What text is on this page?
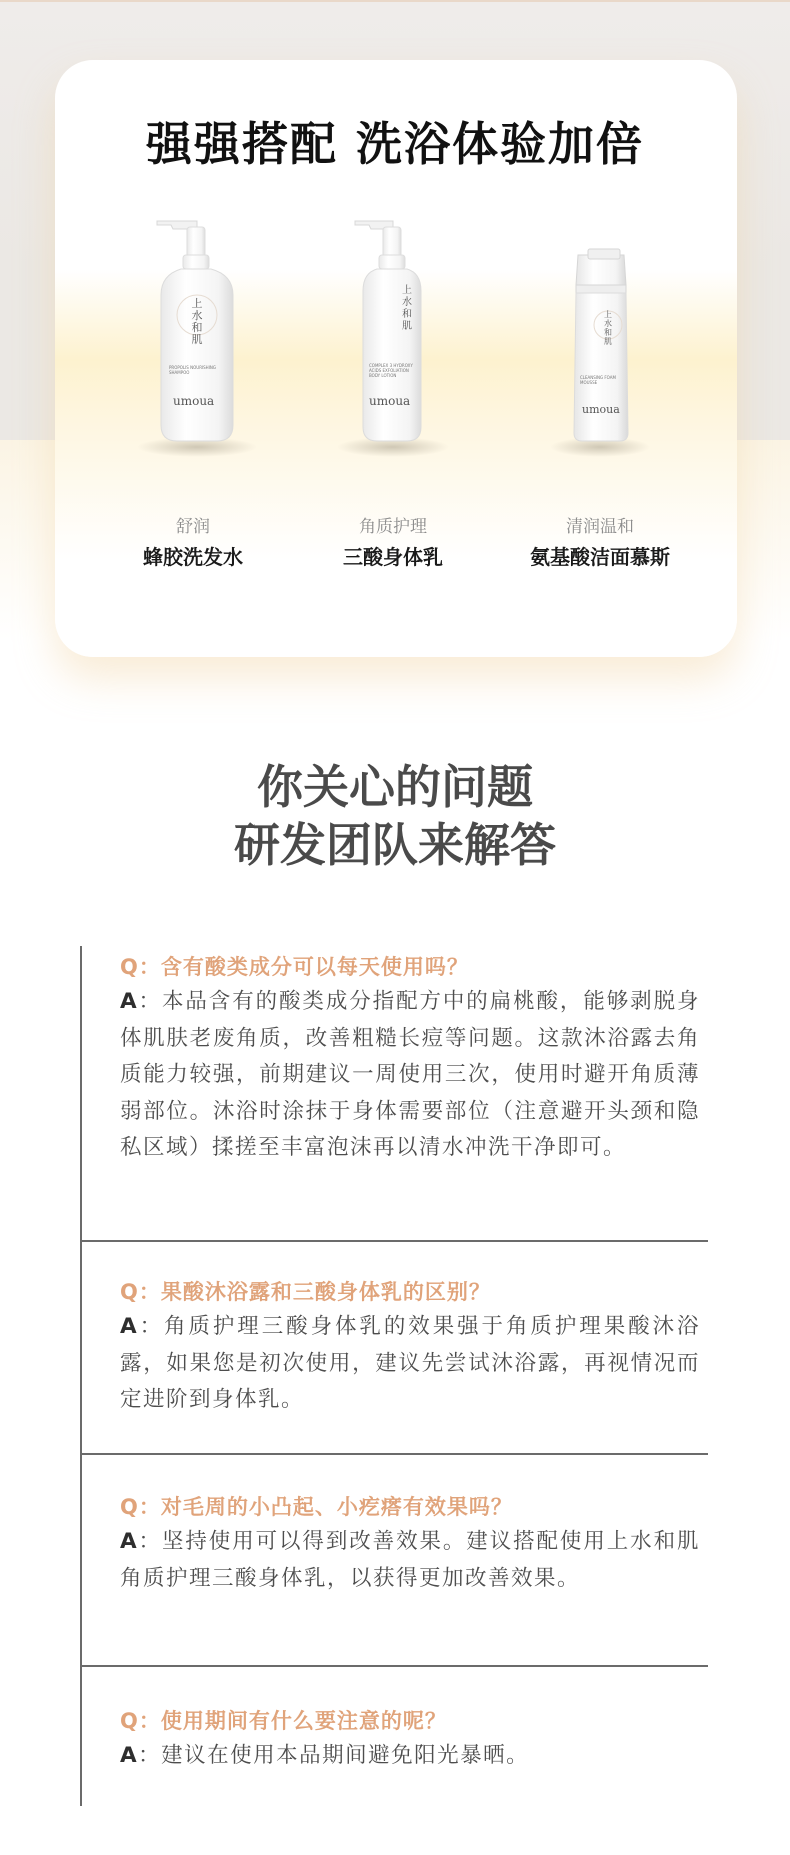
强强搭配 洗浴体验加倍
上
水
和
肌
PROPOLIS NOURISHING SHAMPOO
umoua
舒润
蜂胶洗发水
上
水
和
肌
COMPLEX 3 HYDROXY ACIDS EXFOLIATION BODY LOTION
umoua
角质护理
三酸身体乳
上
水
和
肌
CLEANSING FOAM MOUSSE
umoua
清润温和
氨基酸洁面慕斯
你关心的问题
研发团队来解答
Q：含有酸类成分可以每天使用吗？
A：本品含有的酸类成分指配方中的扁桃酸，能够剥脱身体肌肤老废角质，改善粗糙长痘等问题。这款沐浴露去角质能力较强，前期建议一周使用三次，使用时避开角质薄弱部位。沐浴时涂抹于身体需要部位（注意避开头颈和隐私区域）揉搓至丰富泡沫再以清水冲洗干净即可。
Q：果酸沐浴露和三酸身体乳的区别？
A：角质护理三酸身体乳的效果强于角质护理果酸沐浴露，如果您是初次使用，建议先尝试沐浴露，再视情况而定进阶到身体乳。
Q：对毛周的小凸起、小疙瘩有效果吗？
A：坚持使用可以得到改善效果。建议搭配使用上水和肌角质护理三酸身体乳，以获得更加改善效果。
Q：使用期间有什么要注意的呢？
A：建议在使用本品期间避免阳光暴晒。
